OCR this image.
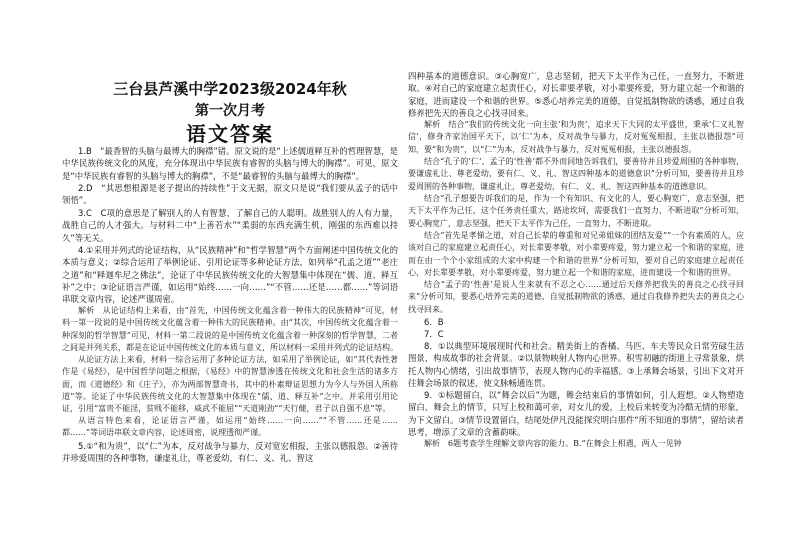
三台县芦溪中学2023级2024年秋
第一次月考
语文答案

1.B　“最香智的头脑与最博大的胸襟”错。原文说的是“上述儒道释互补的哲理智慧，是中华民族传统文化的风度，充分体现出中华民族有睿智的头脑与博大的胸襟”。可见，原文是“中华民族有睿智的头脑与博大的胸襟”，不是“最睿智的头脑与最博大的胸襟”。

2.D　“其思想根源是老子提出的持续性”于文无据，原文只是说“我们要从孟子的话中领悟”。

3.C　C项的意思是了解别人的人有智慧，了解自己的人聪明。战胜别人的人有力量，战胜自己的人才强大。与材料二中“上善若水”“柔弱的东西充满生机，刚强的东西难以持久”等无关。

4.①采用并列式的论证结构，从“民族精神”和“哲学智慧”两个方面阐述中国传统文化的本质与意义；②综合运用了举例论证、引用论证等多种论证方法，如列举“孔孟之道”“老庄之道”和“释迦牟尼之佛法”，论证了中华民族传统文化的大智慧集中体现在“儒、道、释互补”之中；③论证语言严谨，如运用“始终……一向……”“不管……还是……都……”等词语串联文章内容，论述严谨周密。

解析　从论证结构上来看，由“首先，中国传统文化蕴含着一种伟大的民族精神”可见，材料一第一段说的是中国传统文化蕴含着一种伟大的民族精神。由“其次，中国传统文化蕴含着一种深刻的哲学智慧”可见，材料一第二段说的是中国传统文化蕴含着一种深刻的哲学智慧，二者之间是并列关系，都是在论证中国传统文化的本质与意义，所以材料一采用并列式的论证结构。

从论证方法上来看，材料一综合运用了多种论证方法，如采用了举例论证，如“其代表性著作是《易经》，是中国哲学问题之根据，《易经》中的智慧渗透在传统文化和社会生活的诸多方面，而《道德经》和《庄子》，亦为两部智慧奇书，其中的朴素辩证思想力为今人与外国人所称道”等。论证了中华民族传统文化的大智慧集中体现在“儒、道、释互补”之中。并采用引用论证，引用“富贵不能淫，贫贱不能移，威武不能屈”“天道刚劲”“天行健，君子以自强不息”等。

从语言特色来看，论证语言严谨，如运用“始终……一向……”“不管……还是……都……”等词语串联文章内容，论述周密，说理透彻严谨。

5.①“和为贵”，以“仁”为本，反对战争与暴力，反对宽宏相报，主张以德报怨。②善待并珍爱周围的各种事物，谦虚礼让，尊老爱幼，有仁、义、礼、智这

四种基本的道德意识。③心胸宽广，息志坚韧，把天下太平作为己任，一直努力，不断进取。④对自己的家庭建立起责任心，对长辈要孝敬，对小辈要疼爱，努力建立起一个和谐的家庭，进而建设一个和谐的世界。⑤悉心培养完美的道德，自觉抵制物欲的诱惑，通过自我修养把先天的善良之心找寻回来。

解析　结合“我们的传统文化一向主张‘和为贵’，追求天下大同的太平盛世，秉承‘仁义礼智信’，修身齐家治国平天下，以‘仁’为本，反对战争与暴力，反对冤冤相报，主张以德报怨”可知，要“和为贵”，以“仁”为本，反对战争与暴力，反对冤冤相报，主张以德报怨。

结合“孔子的‘仁’、孟子的‘性善’都不外而同地告诉我们，要善待并且珍爱周围的各种事物，要谦虚礼让、尊老爱幼，要有仁、义、礼、智这四种基本的道德意识”分析可知，要善待并且珍爱周围的各种事物，谦虚礼让，尊老爱幼，有仁、义、礼、智这四种基本的道德意识。

结合“孔子想要告诉我们的是，作为一个有知识、有文化的人，要心胸宽广，意志坚强，把天下太平作为己任，这个任务责任重大，路途坎坷，需要我们一直努力，不断进取”分析可知，要心胸宽广，意志坚强，把天下太平作为己任，一直努力，不断进取。

结合“首先是孝悌之道，对自己长辈的尊重和对兄弟姐妹的团结友爱”“一个有素质的人，应该对自己的家庭建立起责任心，对长辈要孝敬，对小辈要疼爱，努力建立起一个和谐的家庭，进而在由一个个小家组成的大家中构建一个和谐的世界”分析可知，要对自己的家庭建立起责任心，对长辈要孝敬，对小辈要疼爱，努力建立起一个和谐的家庭，进而建设一个和谐的世界。

结合“孟子的‘性善’是说人生来就有不忍之心……通过后天修养把我失的善良之心找寻回来”分析可知，要悉心培养完美的道德，自觉抵制物欲的诱惑，通过自我修养把失去的善良之心找寻回来。

6．B

7．C

8．①以典型环境展现时代和社会。精美街上的香橘、马匹、车夫等民众日常劳碌生活图景，构成故事的社会背景。②以景物映射人物内心世界。积雪初融的街道上寻常景象，烘托人物内心情绪，引出故事情节，表现人物内心的幸福感。③上承舞会场景，引出下文对开往舞会场景的叙述，使文脉畅通连贯。

9．①标题留白，以“舞会以后”为题，舞会结束后的事情如何，引人遐想。②人物塑造留白，舞会上的情节，只写上校和蔼可亲，对女儿的爱，上校后来转变为冷酷无情的形象，为下文留白。③情节设置留白，结尾处伊凡没能探究明白那件“所不知道的事情”，留给读者思考，增添了文章的含蓄韵味。

解析　6题考查学生理解文章内容的能力。B.“在舞会上相遇，两人一见钟
